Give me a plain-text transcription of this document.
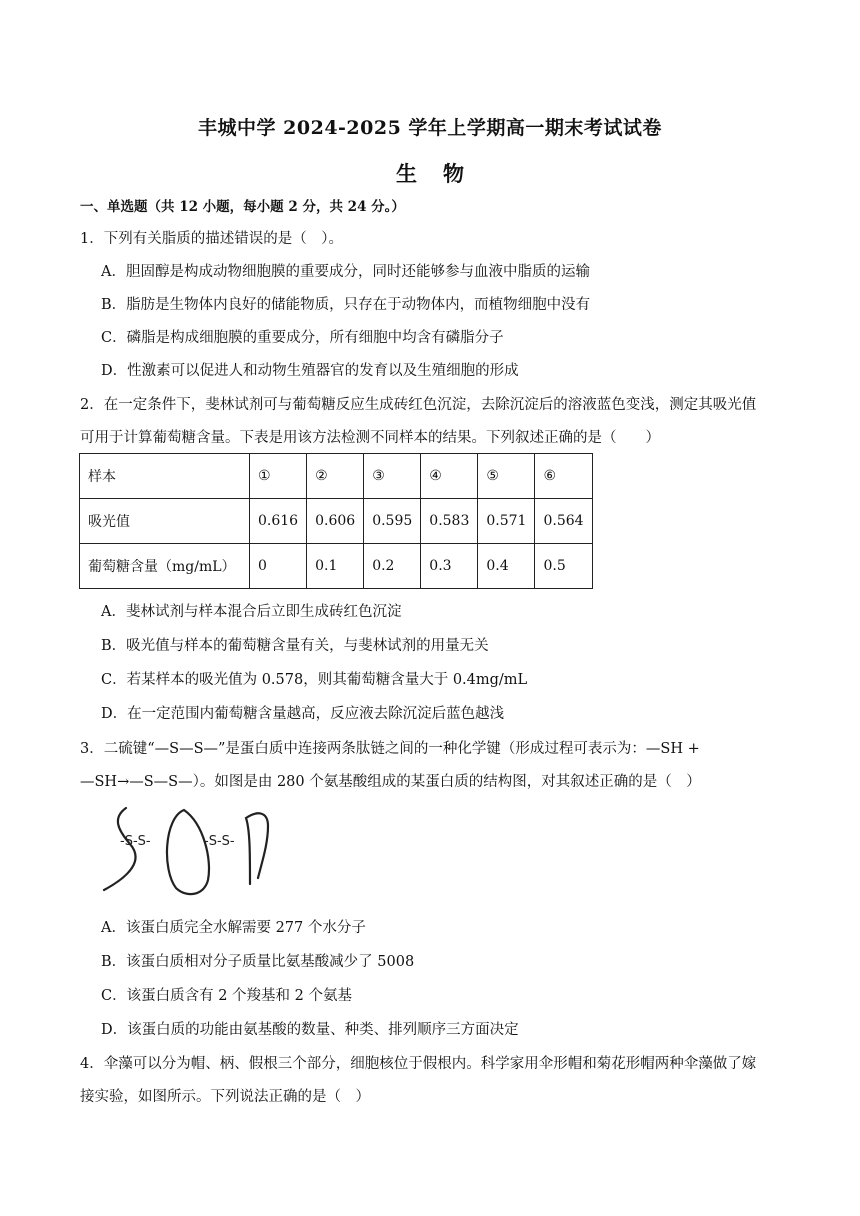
丰城中学 2024-2025 学年上学期高一期末考试试卷
生物
一、单选题（共 12 小题，每小题 2 分，共 24 分。）
1．下列有关脂质的描述错误的是（　）。
A．胆固醇是构成动物细胞膜的重要成分，同时还能够参与血液中脂质的运输
B．脂肪是生物体内良好的储能物质，只存在于动物体内，而植物细胞中没有
C．磷脂是构成细胞膜的重要成分，所有细胞中均含有磷脂分子
D．性激素可以促进人和动物生殖器官的发育以及生殖细胞的形成
2．在一定条件下，斐林试剂可与葡萄糖反应生成砖红色沉淀，去除沉淀后的溶液蓝色变浅，测定其吸光值
可用于计算葡萄糖含量。下表是用该方法检测不同样本的结果。下列叙述正确的是（　　）
样本	①	②	③	④	⑤	⑥
吸光值	0.616	0.606	0.595	0.583	0.571	0.564
葡萄糖含量（mg/mL）	0	0.1	0.2	0.3	0.4	0.5
A．斐林试剂与样本混合后立即生成砖红色沉淀
B．吸光值与样本的葡萄糖含量有关，与斐林试剂的用量无关
C．若某样本的吸光值为 0.578，则其葡萄糖含量大于 0.4mg/mL
D．在一定范围内葡萄糖含量越高，反应液去除沉淀后蓝色越浅
3．二硫键“—S—S—”是蛋白质中连接两条肽链之间的一种化学键（形成过程可表示为：—SH +
—SH→—S—S—）。如图是由 280 个氨基酸组成的某蛋白质的结构图，对其叙述正确的是（　）
-S-S-	-S-S-
A．该蛋白质完全水解需要 277 个水分子
B．该蛋白质相对分子质量比氨基酸减少了 5008
C．该蛋白质含有 2 个羧基和 2 个氨基
D．该蛋白质的功能由氨基酸的数量、种类、排列顺序三方面决定
4．伞藻可以分为帽、柄、假根三个部分，细胞核位于假根内。科学家用伞形帽和菊花形帽两种伞藻做了嫁
接实验，如图所示。下列说法正确的是（　）
